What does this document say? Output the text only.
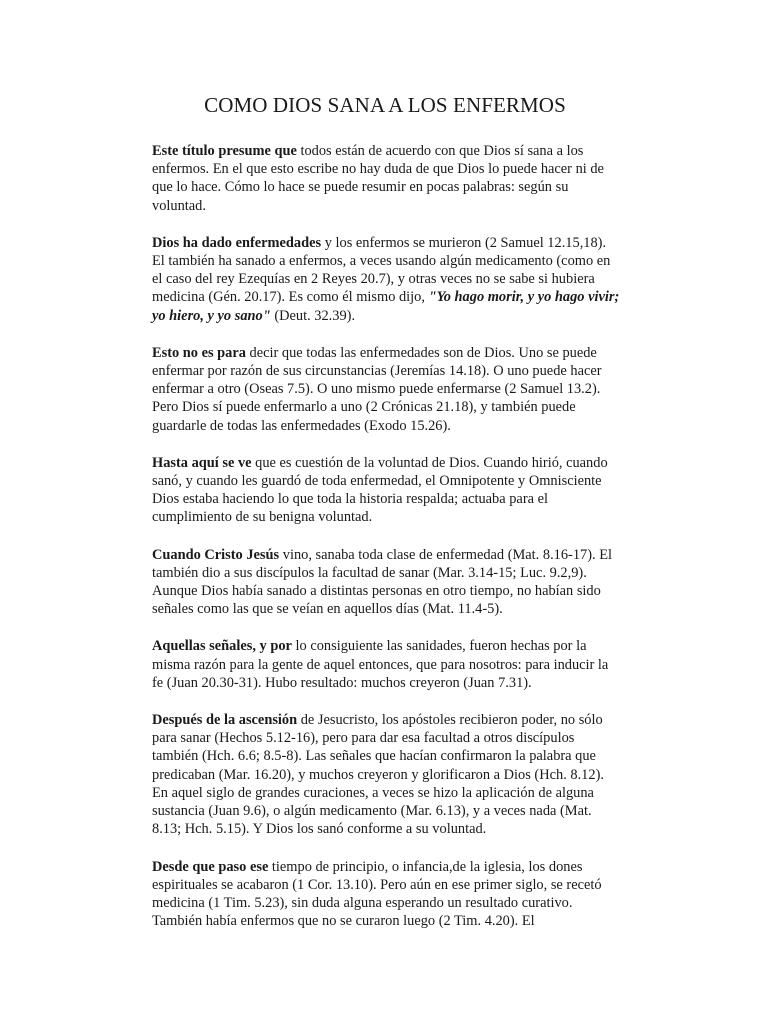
COMO DIOS SANA A LOS ENFERMOS

Este título presume que todos están de acuerdo con que Dios sí sana a los enfermos. En el que esto escribe no hay duda de que Dios lo puede hacer ni de que lo hace. Cómo lo hace se puede resumir en pocas palabras: según su voluntad.

Dios ha dado enfermedades y los enfermos se murieron (2 Samuel 12.15,18). El también ha sanado a enfermos, a veces usando algún medicamento (como en el caso del rey Ezequías en 2 Reyes 20.7), y otras veces no se sabe si hubiera medicina (Gén. 20.17). Es como él mismo dijo, "Yo hago morir, y yo hago vivir; yo hiero, y yo sano" (Deut. 32.39).

Esto no es para decir que todas las enfermedades son de Dios. Uno se puede enfermar por razón de sus circunstancias (Jeremías 14.18). O uno puede hacer enfermar a otro (Oseas 7.5). O uno mismo puede enfermarse (2 Samuel 13.2). Pero Dios sí puede enfermarlo a uno (2 Crónicas 21.18), y también puede guardarle de todas las enfermedades (Exodo 15.26).

Hasta aquí se ve que es cuestión de la voluntad de Dios. Cuando hirió, cuando sanó, y cuando les guardó de toda enfermedad, el Omnipotente y Omnisciente Dios estaba haciendo lo que toda la historia respalda; actuaba para el cumplimiento de su benigna voluntad.

Cuando Cristo Jesús vino, sanaba toda clase de enfermedad (Mat. 8.16-17). El también dio a sus discípulos la facultad de sanar (Mar. 3.14-15; Luc. 9.2,9). Aunque Dios había sanado a distintas personas en otro tiempo, no habían sido señales como las que se veían en aquellos días (Mat. 11.4-5).

Aquellas señales, y por lo consiguiente las sanidades, fueron hechas por la misma razón para la gente de aquel entonces, que para nosotros: para inducir la fe (Juan 20.30-31). Hubo resultado: muchos creyeron (Juan 7.31).

Después de la ascensión de Jesucristo, los apóstoles recibieron poder, no sólo para sanar (Hechos 5.12-16), pero para dar esa facultad a otros discípulos también (Hch. 6.6; 8.5-8). Las señales que hacían confirmaron la palabra que predicaban (Mar. 16.20), y muchos creyeron y glorificaron a Dios (Hch. 8.12). En aquel siglo de grandes curaciones, a veces se hizo la aplicación de alguna sustancia (Juan 9.6), o algún medicamento (Mar. 6.13), y a veces nada (Mat. 8.13; Hch. 5.15). Y Dios los sanó conforme a su voluntad.

Desde que paso ese tiempo de principio, o infancia,de la iglesia, los dones espirituales se acabaron (1 Cor. 13.10). Pero aún en ese primer siglo, se recetó medicina (1 Tim. 5.23), sin duda alguna esperando un resultado curativo. También había enfermos que no se curaron luego (2 Tim. 4.20). El
